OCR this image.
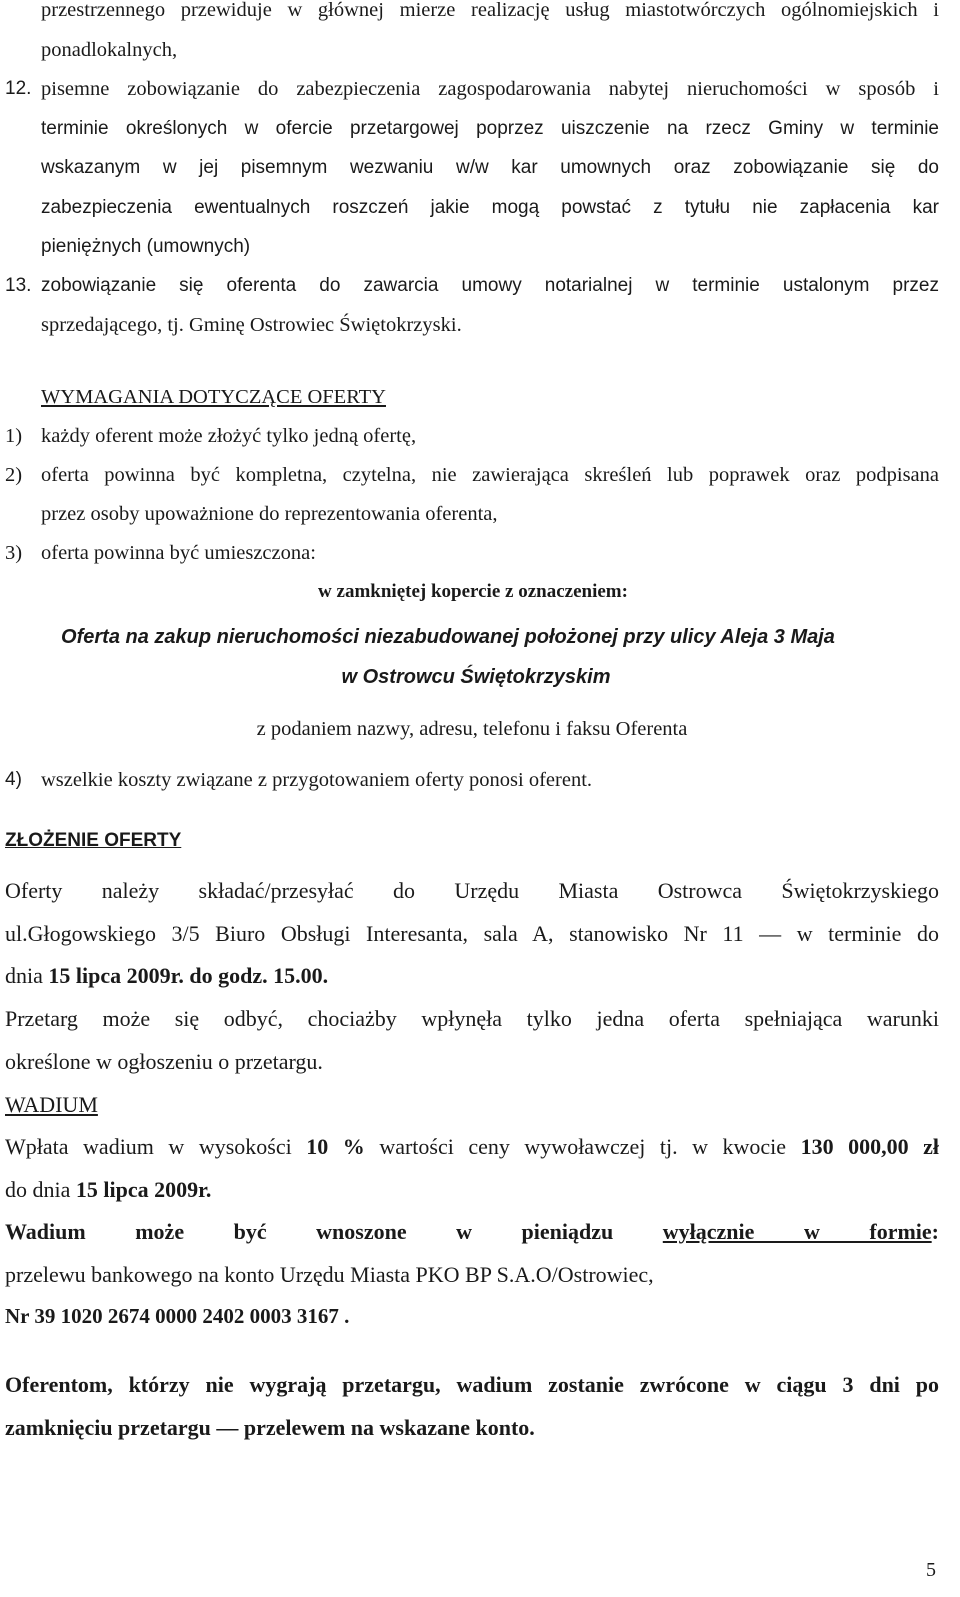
przestrzennego przewiduje w głównej mierze realizację usług miastotwórczych ogólnomiejskich i
ponadlokalnych,
12. pisemne zobowiązanie do zabezpieczenia zagospodarowania nabytej nieruchomości w sposób i
terminie określonych w ofercie przetargowej poprzez uiszczenie na rzecz Gminy w terminie
wskazanym w jej pisemnym wezwaniu w/w kar umownych oraz zobowiązanie się do
zabezpieczenia ewentualnych roszczeń jakie mogą powstać z tytułu nie zapłacenia kar
pieniężnych (umownych)
13. zobowiązanie się oferenta do zawarcia umowy notarialnej w terminie ustalonym przez
sprzedającego, tj. Gminę Ostrowiec Świętokrzyski.
WYMAGANIA DOTYCZĄCE OFERTY
1) każdy oferent może złożyć tylko jedną ofertę,
2) oferta powinna być kompletna, czytelna, nie zawierająca skreśleń lub poprawek oraz podpisana
przez osoby upoważnione do reprezentowania oferenta,
3) oferta powinna być umieszczona:
w zamkniętej kopercie z oznaczeniem:
Oferta na zakup nieruchomości niezabudowanej położonej przy ulicy Aleja 3 Maja
w Ostrowcu Świętokrzyskim
z podaniem nazwy, adresu, telefonu i faksu Oferenta
4) wszelkie koszty związane z przygotowaniem oferty ponosi oferent.
ZŁOŻENIE OFERTY
Oferty należy składać/przesyłać do Urzędu Miasta Ostrowca Świętokrzyskiego
ul.Głogowskiego 3/5 Biuro Obsługi Interesanta, sala A, stanowisko Nr 11 — w terminie do
dnia 15 lipca 2009r. do godz. 15.00.
Przetarg może się odbyć, chociażby wpłynęła tylko jedna oferta spełniająca warunki
określone w ogłoszeniu o przetargu.
WADIUM
Wpłata wadium w wysokości 10 % wartości ceny wywoławczej tj. w kwocie 130 000,00 zł
do dnia 15 lipca 2009r.
Wadium może być wnoszone w pieniądzu wyłącznie w formie:
przelewu bankowego na konto Urzędu Miasta PKO BP S.A.O/Ostrowiec,
Nr 39 1020 2674 0000 2402 0003 3167 .
Oferentom, którzy nie wygrają przetargu, wadium zostanie zwrócone w ciągu 3 dni po
zamknięciu przetargu — przelewem na wskazane konto.
5
